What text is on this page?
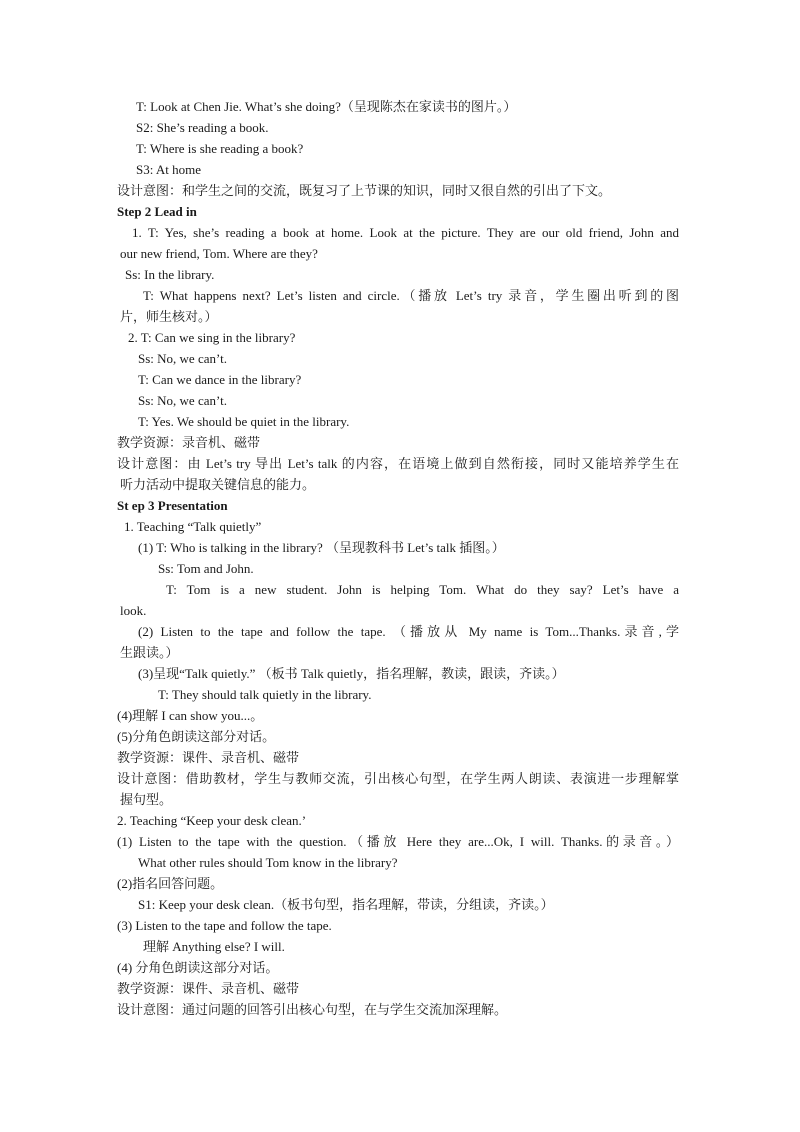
T: Look at Chen Jie. What’s she doing?（呈现陈杰在家读书的图片。）
S2: She’s reading a book.
T: Where is she reading a book?
S3: At home
设计意图：和学生之间的交流，既复习了上节课的知识，同时又很自然的引出了下文。
Step 2 Lead in
1. T: Yes, she’s reading a book at home. Look at the picture. They are our old friend, John and
our new friend, Tom. Where are they?
Ss: In the library.
T: What happens next? Let’s listen and circle.（播放 Let’s try 录音，学生圈出听到的图
片，师生核对。）
2. T: Can we sing in the library?
Ss: No, we can’t.
T: Can we dance in the library?
Ss: No, we can’t.
T: Yes. We should be quiet in the library.
教学资源：录音机、磁带
设计意图：由 Let’s try 导出 Let’s talk 的内容，在语境上做到自然衔接，同时又能培养学生在
听力活动中提取关键信息的能力。
St ep 3 Presentation
1. Teaching “Talk quietly”
(1) T: Who is talking in the library? （呈现教科书 Let’s talk 插图。）
Ss: Tom and John.
T: Tom is a new student. John is helping Tom. What do they say? Let’s have a
look.
(2) Listen to the tape and follow the tape. （播放从 My name is Tom...Thanks.录音,学
生跟读。）
(3)呈现“Talk quietly.” （板书 Talk quietly，指名理解，教读，跟读，齐读。）
T: They should talk quietly in the library.
(4)理解 I can show you...。
(5)分角色朗读这部分对话。
教学资源：课件、录音机、磁带
设计意图：借助教材，学生与教师交流，引出核心句型，在学生两人朗读、表演进一步理解掌
握句型。
2. Teaching “Keep your desk clean.’
(1) Listen to the tape with the question.（播放 Here they are...Ok, I will. Thanks.的录音。）
What other rules should Tom know in the library?
(2)指名回答问题。
S1: Keep your desk clean.（板书句型，指名理解，带读，分组读，齐读。）
(3) Listen to the tape and follow the tape.
理解 Anything else? I will.
(4) 分角色朗读这部分对话。
教学资源：课件、录音机、磁带
设计意图：通过问题的回答引出核心句型，在与学生交流加深理解。
